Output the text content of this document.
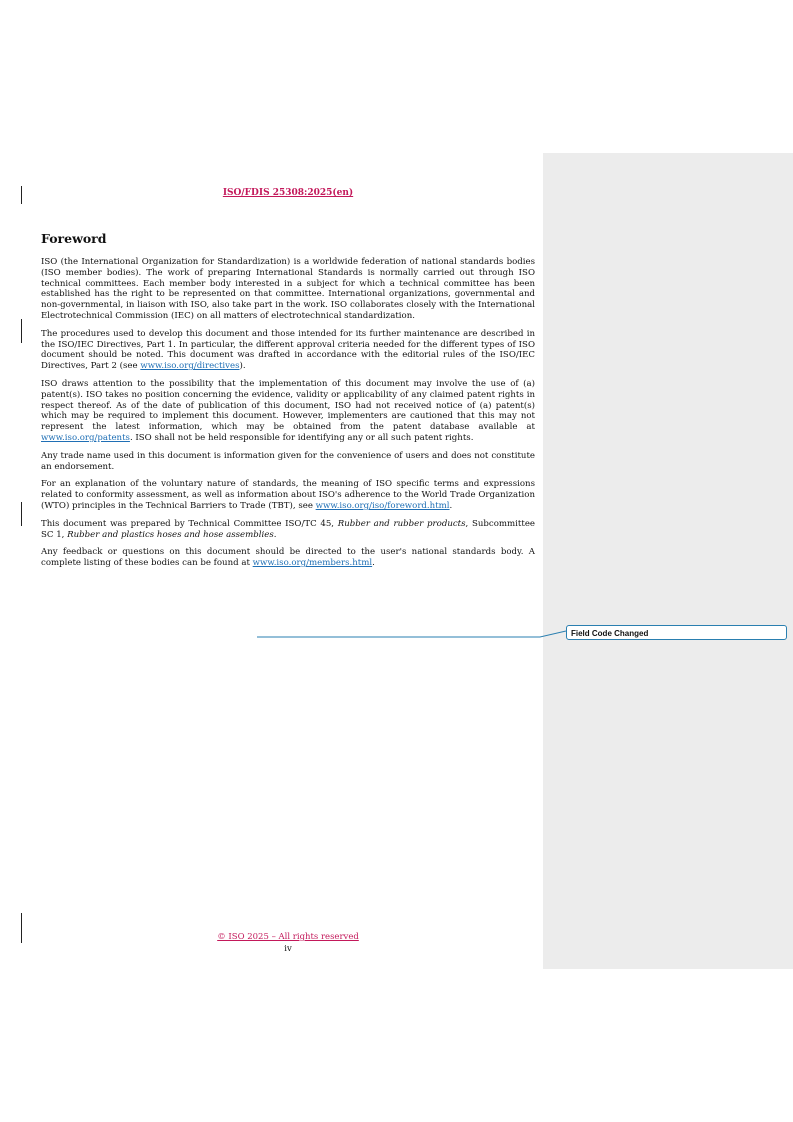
ISO/FDIS 25308:2025(en)
Foreword

ISO (the International Organization for Standardization) is a worldwide federation of national standards bodies (ISO member bodies). The work of preparing International Standards is normally carried out through ISO technical committees. Each member body interested in a subject for which a technical committee has been established has the right to be represented on that committee. International organizations, governmental and non-governmental, in liaison with ISO, also take part in the work. ISO collaborates closely with the International Electrotechnical Commission (IEC) on all matters of electrotechnical standardization.

The procedures used to develop this document and those intended for its further maintenance are described in the ISO/IEC Directives, Part 1. In particular, the different approval criteria needed for the different types of ISO document should be noted. This document was drafted in accordance with the editorial rules of the ISO/IEC Directives, Part 2 (see www.iso.org/directives).

ISO draws attention to the possibility that the implementation of this document may involve the use of (a) patent(s). ISO takes no position concerning the evidence, validity or applicability of any claimed patent rights in respect thereof. As of the date of publication of this document, ISO had not received notice of (a) patent(s) which may be required to implement this document. However, implementers are cautioned that this may not represent the latest information, which may be obtained from the patent database available at www.iso.org/patents. ISO shall not be held responsible for identifying any or all such patent rights.

Any trade name used in this document is information given for the convenience of users and does not constitute an endorsement.

For an explanation of the voluntary nature of standards, the meaning of ISO specific terms and expressions related to conformity assessment, as well as information about ISO's adherence to the World Trade Organization (WTO) principles in the Technical Barriers to Trade (TBT), see www.iso.org/iso/foreword.html.

This document was prepared by Technical Committee ISO/TC 45, Rubber and rubber products, Subcommittee SC 1, Rubber and plastics hoses and hose assemblies.

Any feedback or questions on this document should be directed to the user's national standards body. A complete listing of these bodies can be found at www.iso.org/members.html.

Field Code Changed
© ISO 2025 – All rights reserved
iv
